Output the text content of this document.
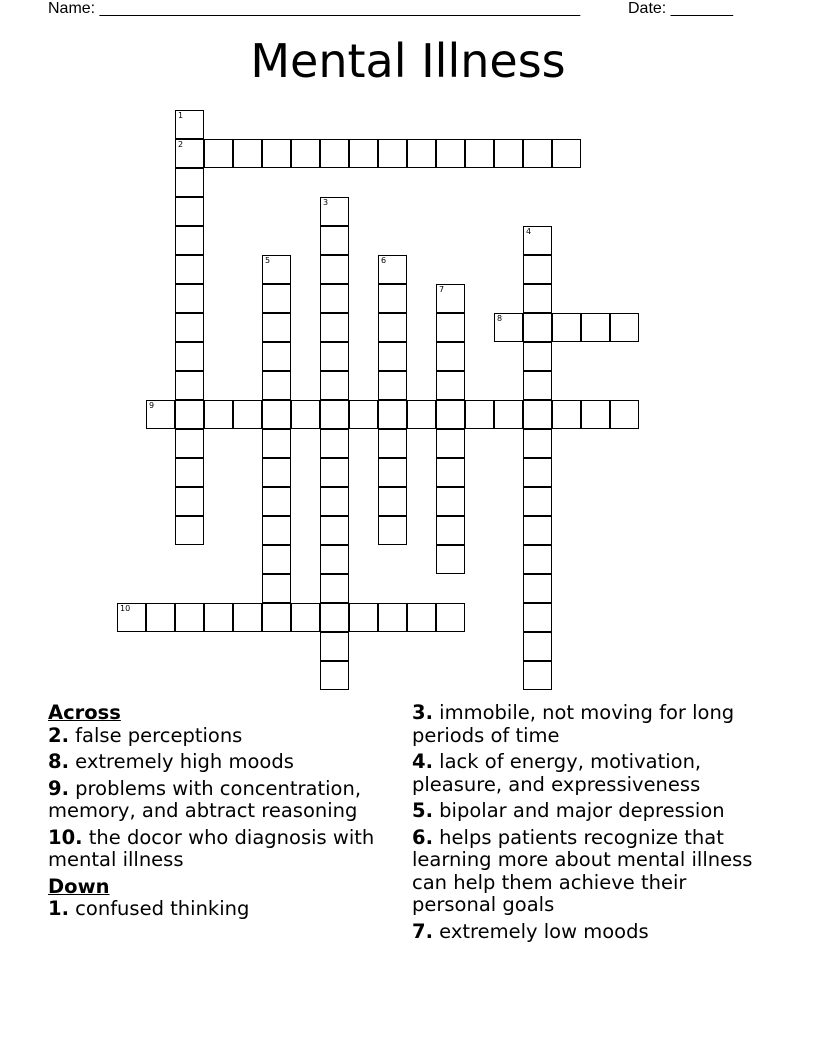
Name: ______________________________________________________	Date: _______
Mental Illness
1
2
3
4
5	6
7
8
9
10
Across
2. false perceptions
8. extremely high moods
9. problems with concentration, memory, and abtract reasoning
10. the docor who diagnosis with mental illness
Down
1. confused thinking
3. immobile, not moving for long periods of time
4. lack of energy, motivation, pleasure, and expressiveness
5. bipolar and major depression
6. helps patients recognize that learning more about mental illness can help them achieve their personal goals
7. extremely low moods
